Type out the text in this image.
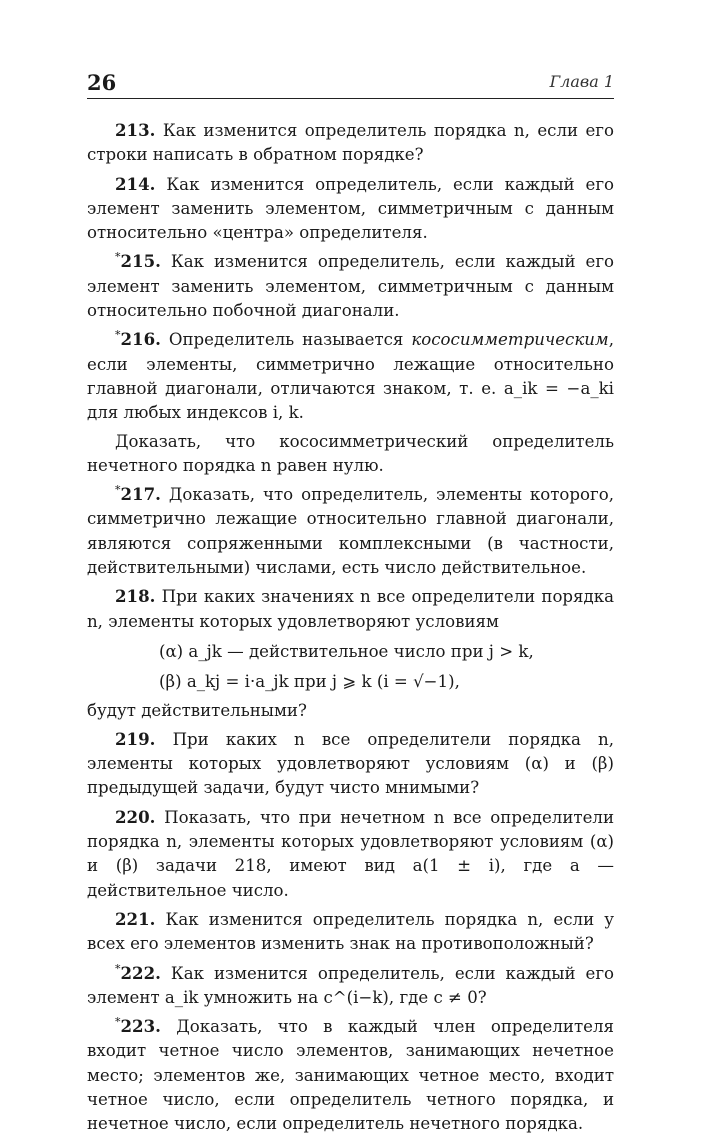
26	Глава 1

213. Как изменится определитель порядка n, если его строки написать в обратном порядке?

214. Как изменится определитель, если каждый его элемент заменить элементом, симметричным с данным относительно «центра» определителя.

*215. Как изменится определитель, если каждый его элемент заменить элементом, симметричным с данным относительно побочной диагонали.

*216. Определитель называется кососимметрическим, если элементы, симметрично лежащие относительно главной диагонали, отличаются знаком, т. е. a_ik = −a_ki для любых индексов i, k.

Доказать, что кососимметрический определитель нечетного порядка n равен нулю.

*217. Доказать, что определитель, элементы которого, симметрично лежащие относительно главной диагонали, являются сопряженными комплексными (в частности, действительными) числами, есть число действительное.

218. При каких значениях n все определители порядка n, элементы которых удовлетворяют условиям

(α) a_jk — действительное число при j > k,
(β) a_kj = i·a_jk при j ⩾ k (i = √−1),

будут действительными?

219. При каких n все определители порядка n, элементы которых удовлетворяют условиям (α) и (β) предыдущей задачи, будут чисто мнимыми?

220. Показать, что при нечетном n все определители порядка n, элементы которых удовлетворяют условиям (α) и (β) задачи 218, имеют вид a(1 ± i), где a — действительное число.

221. Как изменится определитель порядка n, если у всех его элементов изменить знак на противоположный?

*222. Как изменится определитель, если каждый его элемент a_ik умножить на c^(i−k), где c ≠ 0?

*223. Доказать, что в каждый член определителя входит четное число элементов, занимающих нечетное место; элементов же, занимающих четное место, входит четное число, если определитель четного порядка, и нечетное число, если определитель нечетного порядка.
